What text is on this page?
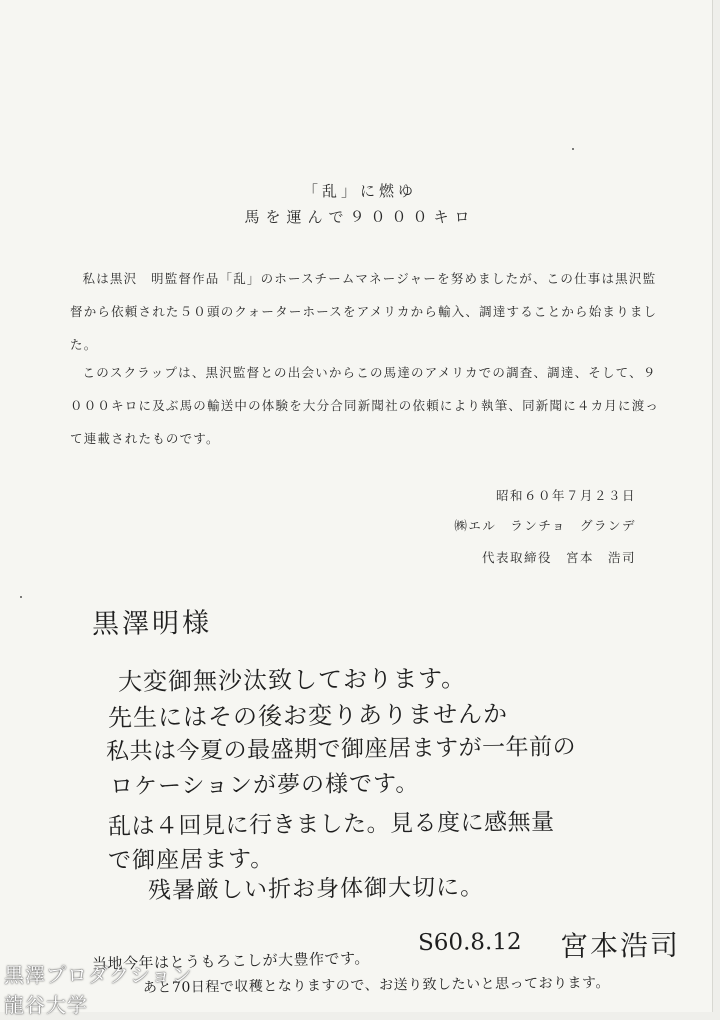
「乱」に燃ゆ
馬を運んで９０００キロ

私は黒沢　明監督作品「乱」のホースチームマネージャーを努めましたが、この仕事は黒沢監督から依頼された５０頭のクォーターホースをアメリカから輸入、調達することから始まりました。

このスクラップは、黒沢監督との出会いからこの馬達のアメリカでの調査、調達、そして、９０００キロに及ぶ馬の輸送中の体験を大分合同新聞社の依頼により執筆、同新聞に４カ月に渡って連載されたものです。

昭和６０年７月２３日
㈱エル　ランチョ　グランデ
代表取締役　宮本　浩司
黒澤明様
大変御無沙汰致しております。
先生にはその後お変りありませんか
私共は今夏の最盛期で御座居ますが一年前の
ロケーションが夢の様です。
乱は４回見に行きました。見る度に感無量
で御座居ます。
残暑厳しい折お身体御大切に。
S60.8.12 宮本浩司
当地今年はとうもろこしが大豊作です。
あと70日程で収穫となりますので、お送り致したいと思っております。
黒澤プロダクション
龍谷大学
